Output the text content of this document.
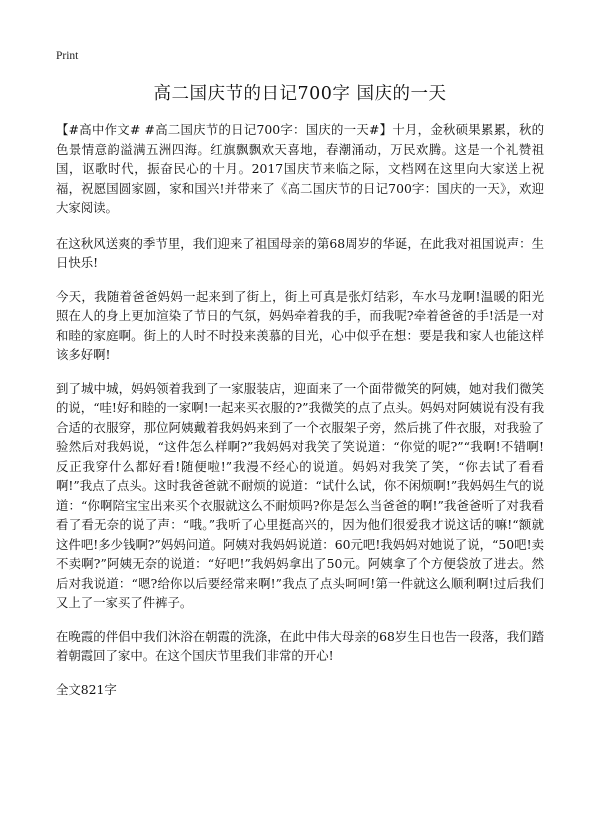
Print
高二国庆节的日记700字 国庆的一天

【#高中作文# #高二国庆节的日记700字：国庆的一天#】十月，金秋硕果累累，秋的色景情意韵溢满五洲四海。红旗飘飘欢天喜地，春潮涌动，万民欢腾。这是一个礼赞祖国，讴歌时代，振奋民心的十月。2017国庆节来临之际，文档网在这里向大家送上祝福，祝愿国圆家圆，家和国兴!并带来了《高二国庆节的日记700字：国庆的一天》，欢迎大家阅读。

在这秋风送爽的季节里，我们迎来了祖国母亲的第68周岁的华诞，在此我对祖国说声：生日快乐!

今天，我随着爸爸妈妈一起来到了街上，街上可真是张灯结彩，车水马龙啊!温暖的阳光照在人的身上更加渲染了节日的气氛，妈妈牵着我的手，而我呢?牵着爸爸的手!活是一对和睦的家庭啊。街上的人时不时投来羡慕的目光，心中似乎在想：要是我和家人也能这样该多好啊!

到了城中城，妈妈领着我到了一家服装店，迎面来了一个面带微笑的阿姨，她对我们微笑的说，“哇!好和睦的一家啊!一起来买衣服的?”我微笑的点了点头。妈妈对阿姨说有没有我合适的衣服穿，那位阿姨戴着我妈妈来到了一个衣服架子旁，然后挑了件衣服，对我验了验然后对我妈说，“这件怎么样啊?”我妈妈对我笑了笑说道：“你觉的呢?”“我啊!不错啊!反正我穿什么都好看!随便啦!”我漫不经心的说道。妈妈对我笑了笑，“你去试了看看啊!”我点了点头。这时我爸爸就不耐烦的说道：“试什么试，你不闲烦啊!”我妈妈生气的说道：“你啊陪宝宝出来买个衣服就这么不耐烦吗?你是怎么当爸爸的啊!”我爸爸听了对我看看了看无奈的说了声：“哦。”我听了心里挺高兴的，因为他们很爱我才说这话的嘛!“额就这件吧!多少钱啊?”妈妈问道。阿姨对我妈妈说道：60元吧!我妈妈对她说了说，“50吧!卖不卖啊?”阿姨无奈的说道：“好吧!”我妈妈拿出了50元。阿姨拿了个方便袋放了进去。然后对我说道：“嗯?给你以后要经常来啊!”我点了点头呵呵!第一件就这么顺利啊!过后我们又上了一家买了件裤子。

在晚霞的伴侣中我们沐浴在朝霞的洗涤，在此中伟大母亲的68岁生日也告一段落，我们踏着朝霞回了家中。在这个国庆节里我们非常的开心!

全文821字
